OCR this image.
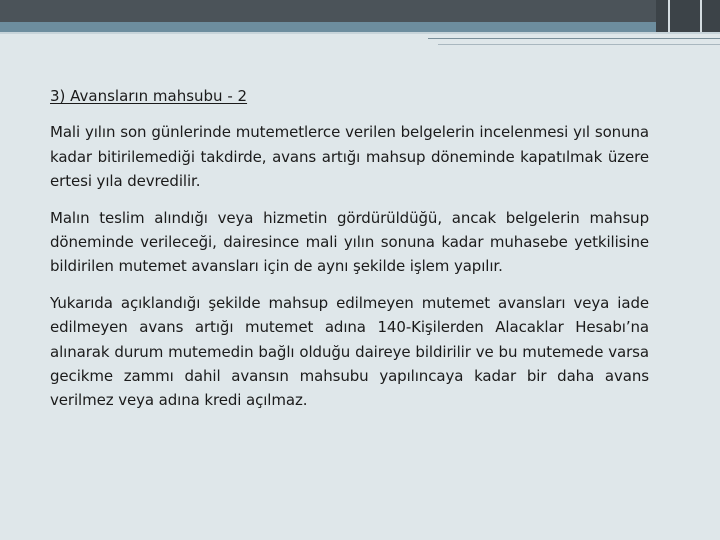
3) Avansların mahsubu - 2

Mali yılın son günlerinde mutemetlerce verilen belgelerin incelenmesi yıl sonuna kadar bitirilemediği takdirde, avans artığı mahsup döneminde kapatılmak üzere ertesi yıla devredilir.

Malın teslim alındığı veya hizmetin gördürüldüğü, ancak belgelerin mahsup döneminde verileceği, dairesince mali yılın sonuna kadar muhasebe yetkilisine bildirilen mutemet avansları için de aynı şekilde işlem yapılır.

Yukarıda açıklandığı şekilde mahsup edilmeyen mutemet avansları veya iade edilmeyen avans artığı mutemet adına 140-Kişilerden Alacaklar Hesabı’na alınarak durum mutemedin bağlı olduğu daireye bildirilir ve bu mutemede varsa gecikme zammı dahil avansın mahsubu yapılıncaya kadar bir daha avans verilmez veya adına kredi açılmaz.
